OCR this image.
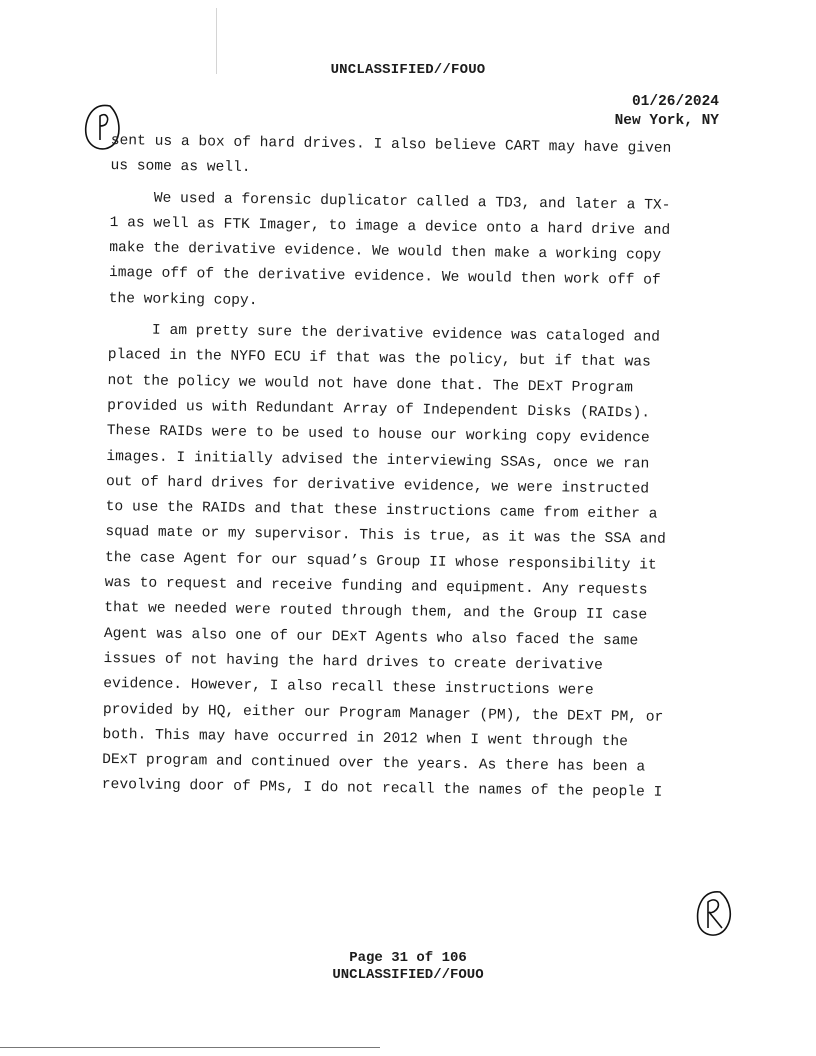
UNCLASSIFIED//FOUO
01/26/2024
New York, NY
sent us a box of hard drives. I also believe CART may have given
us some as well.
We used a forensic duplicator called a TD3, and later a TX-
1 as well as FTK Imager, to image a device onto a hard drive and
make the derivative evidence. We would then make a working copy
image off of the derivative evidence. We would then work off of
the working copy.
I am pretty sure the derivative evidence was cataloged and
placed in the NYFO ECU if that was the policy, but if that was
not the policy we would not have done that. The DExT Program
provided us with Redundant Array of Independent Disks (RAIDs).
These RAIDs were to be used to house our working copy evidence
images. I initially advised the interviewing SSAs, once we ran
out of hard drives for derivative evidence, we were instructed
to use the RAIDs and that these instructions came from either a
squad mate or my supervisor. This is true, as it was the SSA and
the case Agent for our squad’s Group II whose responsibility it
was to request and receive funding and equipment. Any requests
that we needed were routed through them, and the Group II case
Agent was also one of our DExT Agents who also faced the same
issues of not having the hard drives to create derivative
evidence. However, I also recall these instructions were
provided by HQ, either our Program Manager (PM), the DExT PM, or
both. This may have occurred in 2012 when I went through the
DExT program and continued over the years. As there has been a
revolving door of PMs, I do not recall the names of the people I
Page 31 of 106
UNCLASSIFIED//FOUO
